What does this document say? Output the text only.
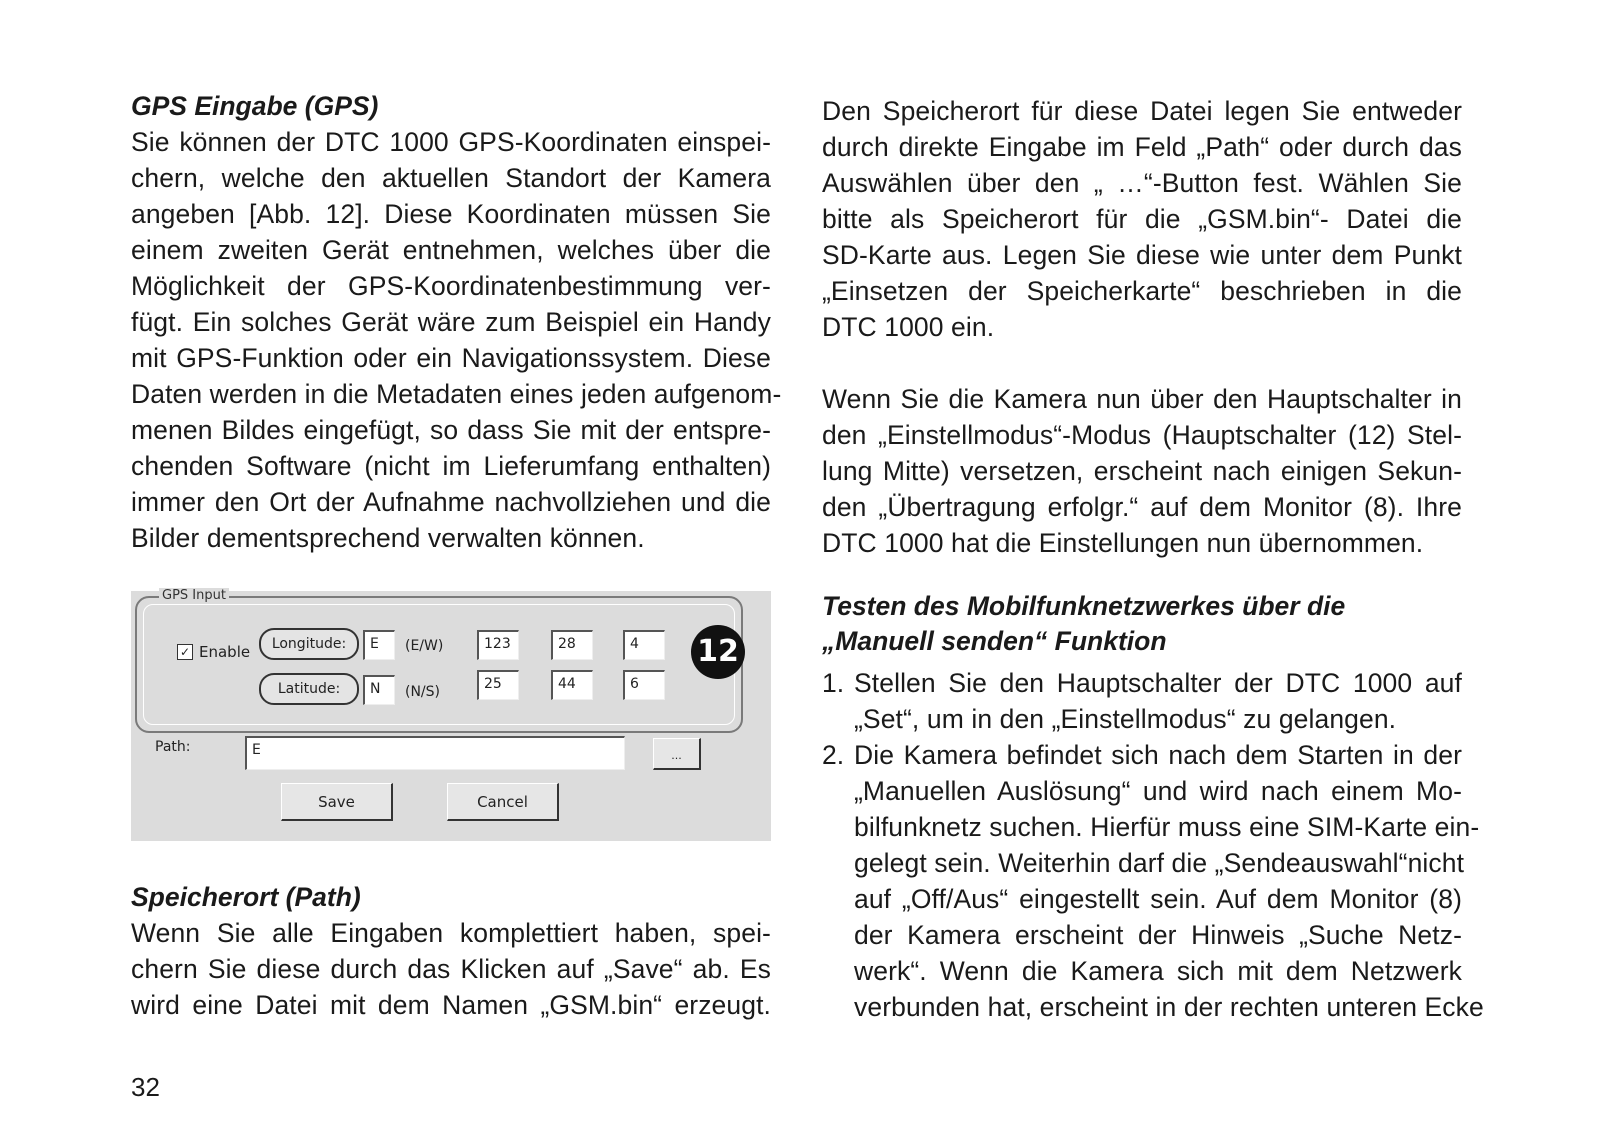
GPS Eingabe (GPS)

Sie können der DTC 1000 GPS-Koordinaten einspei-
chern, welche den aktuellen Standort der Kamera
angeben [Abb. 12]. Diese Koordinaten müssen Sie
einem zweiten Gerät entnehmen, welches über die
Möglichkeit der GPS-Koordinatenbestimmung ver-
fügt. Ein solches Gerät wäre zum Beispiel ein Handy
mit GPS-Funktion oder ein Navigationssystem. Diese
Daten werden in die Metadaten eines jeden aufgenom-
menen Bildes eingefügt, so dass Sie mit der entspre-
chenden Software (nicht im Lieferumfang enthalten)
immer den Ort der Aufnahme nachvollziehen und die
Bilder dementsprechend verwalten können.

GPS Input
✓ Enable	Longitude:	E	(E/W)	123	28	4
Latitude:	N	(N/S)	25	44	6
12
Path:	E	...
Save	Cancel
Speicherort (Path)

Wenn Sie alle Eingaben komplettiert haben, spei-
chern Sie diese durch das Klicken auf „Save“ ab. Es
wird eine Datei mit dem Namen „GSM.bin“ erzeugt.

Den Speicherort für diese Datei legen Sie entweder
durch direkte Eingabe im Feld „Path“ oder durch das
Auswählen über den „ …“-Button fest. Wählen Sie
bitte als Speicherort für die „GSM.bin“- Datei die
SD-Karte aus. Legen Sie diese wie unter dem Punkt
„Einsetzen der Speicherkarte“ beschrieben in die
DTC 1000 ein.

Wenn Sie die Kamera nun über den Hauptschalter in
den „Einstellmodus“-Modus (Hauptschalter (12) Stel-
lung Mitte) versetzen, erscheint nach einigen Sekun-
den „Übertragung erfolgr.“ auf dem Monitor (8). Ihre
DTC 1000 hat die Einstellungen nun übernommen.

Testen des Mobilfunknetzwerkes über die
„Manuell senden“ Funktion
1. Stellen Sie den Hauptschalter der DTC 1000 auf
„Set“, um in den „Einstellmodus“ zu gelangen.

2. Die Kamera befindet sich nach dem Starten in der
„Manuellen Auslösung“ und wird nach einem Mo-
bilfunknetz suchen. Hierfür muss eine SIM-Karte ein-
gelegt sein. Weiterhin darf die „Sendeauswahl“nicht
auf „Off/Aus“ eingestellt sein. Auf dem Monitor (8)
der Kamera erscheint der Hinweis „Suche Netz-
werk“. Wenn die Kamera sich mit dem Netzwerk
verbunden hat, erscheint in der rechten unteren Ecke

32
